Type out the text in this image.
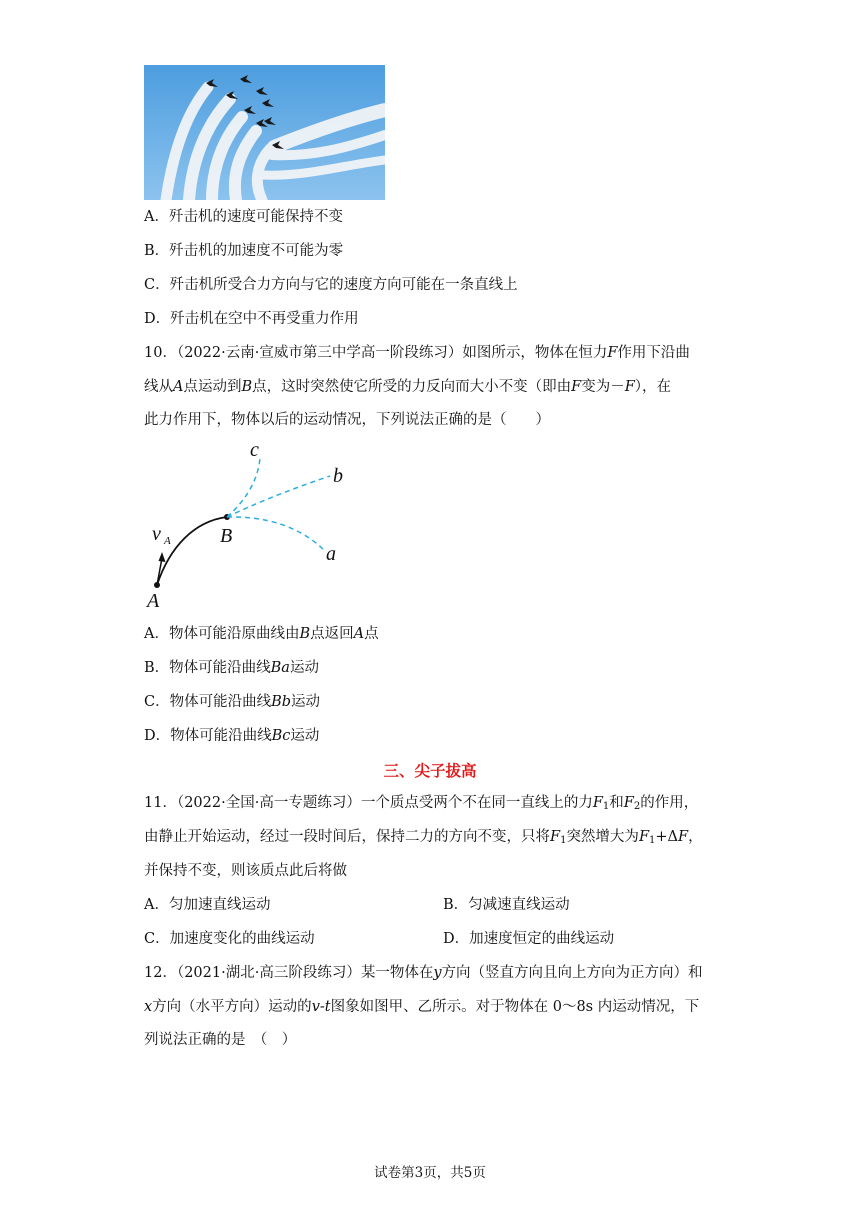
A．歼击机的速度可能保持不变
B．歼击机的加速度不可能为零
C．歼击机所受合力方向与它的速度方向可能在一条直线上
D．歼击机在空中不再受重力作用
10．（2022·云南·宣威市第三中学高一阶段练习）如图所示，物体在恒力F作用下沿曲
线从A点运动到B点，这时突然使它所受的力反向而大小不变（即由F变为－F），在
此力作用下，物体以后的运动情况，下列说法正确的是（　　）
c
b
a
B
A
v A
A．物体可能沿原曲线由B点返回A点
B．物体可能沿曲线Ba运动
C．物体可能沿曲线Bb运动
D．物体可能沿曲线Bc运动
三、尖子拔高
11．（2022·全国·高一专题练习）一个质点受两个不在同一直线上的力$F_1$和$F_2$的作用，
由静止开始运动，经过一段时间后，保持二力的方向不变，只将$F_1$突然增大为$F_1+\Delta F$，
并保持不变，则该质点此后将做
A．匀加速直线运动	B．匀减速直线运动
C．加速度变化的曲线运动	D．加速度恒定的曲线运动
12．（2021·湖北·高三阶段练习）某一物体在y方向（竖直方向且向上方向为正方向）和
x方向（水平方向）运动的v-t图象如图甲、乙所示。对于物体在 0～8s 内运动情况，下
列说法正确的是　（　）
试卷第3页，共5页
